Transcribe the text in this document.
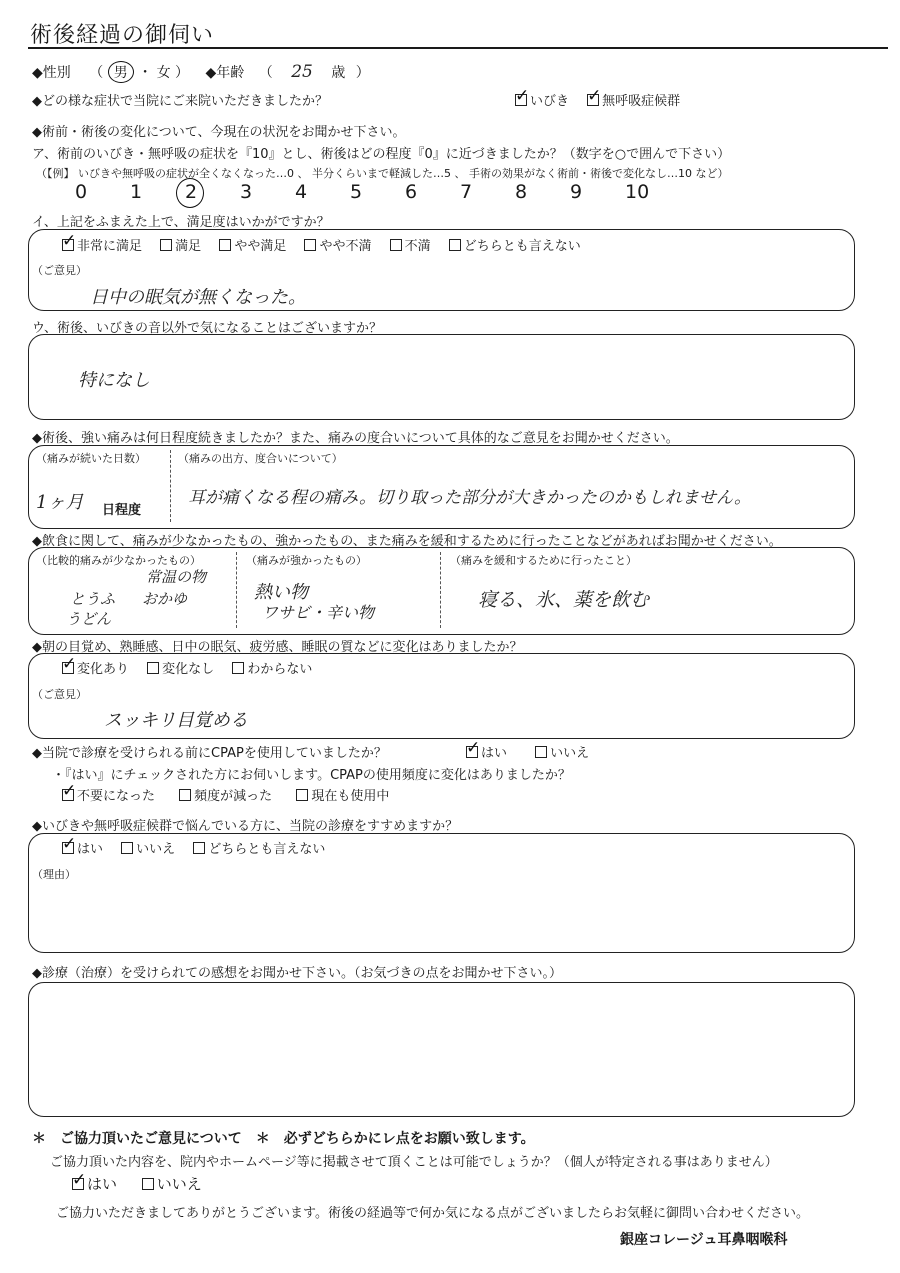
術後経過の御伺い
◆性別 （ 男 ・ 女 ） ◆年齢 （ 25 歳 ）
◆どの様な症状で当院にご来院いただきましたか？ ✓	いびき ✓	無呼吸症候群
◆術前・術後の変化について、今現在の状況をお聞かせ下さい。
ア、術前のいびき・無呼吸の症状を『10』とし、術後はどの程度『0』に近づきましたか？（数字を○で囲んで下さい）
（【例】 いびきや無呼吸の症状が全くなくなった…0 、 半分くらいまで軽減した…5 、 手術の効果がなく術前・術後で変化なし…10 など）
0 1 2 3 4 5 6 7 8 9 10
イ、上記をふまえた上で、満足度はいかがですか？
✓非常に満足	満足	やや満足	やや不満	不満	どちらとも言えない
（ご意見）
日中の眠気が無くなった。
ウ、術後、いびきの音以外で気になることはございますか？
特になし
◆術後、強い痛みは何日程度続きましたか？また、痛みの度合いについて具体的なご意見をお聞かせください。
（痛みが続いた日数）
1ヶ月 日程度
（痛みの出方、度合いについて）
耳が痛くなる程の痛み。切り取った部分が大きかったのかもしれません。
◆飲食に関して、痛みが少なかったもの、強かったもの、また痛みを緩和するために行ったことなどがあればお聞かせください。
（比較的痛みが少なかったもの）
常温の物
とうふ おかゆ
うどん
（痛みが強かったもの）
熱い物
ワサビ・辛い物
（痛みを緩和するために行ったこと）
寝る、氷、薬を飲む
◆朝の目覚め、熟睡感、日中の眠気、疲労感、睡眠の質などに変化はありましたか？
✓変化あり	変化なし	わからない
（ご意見）
スッキリ目覚める
◆当院で診療を受けられる前にCPAPを使用していましたか？ ✓	はい	いいえ
・『はい』にチェックされた方にお伺いします。CPAPの使用頻度に変化はありましたか？
✓不要になった	頻度が減った	現在も使用中
◆いびきや無呼吸症候群で悩んでいる方に、当院の診療をすすめますか？
✓はい	いいえ	どちらとも言えない
（理由）
◆診療（治療）を受けられての感想をお聞かせ下さい。（お気づきの点をお聞かせ下さい。）
＊　ご協力頂いたご意見について　＊　必ずどちらかにレ点をお願い致します。
ご協力頂いた内容を、院内やホームページ等に掲載させて頂くことは可能でしょうか？（個人が特定される事はありません）
✓はい	いいえ
ご協力いただきましてありがとうございます。術後の経過等で何か気になる点がございましたらお気軽に御問い合わせください。
銀座コレージュ耳鼻咽喉科
